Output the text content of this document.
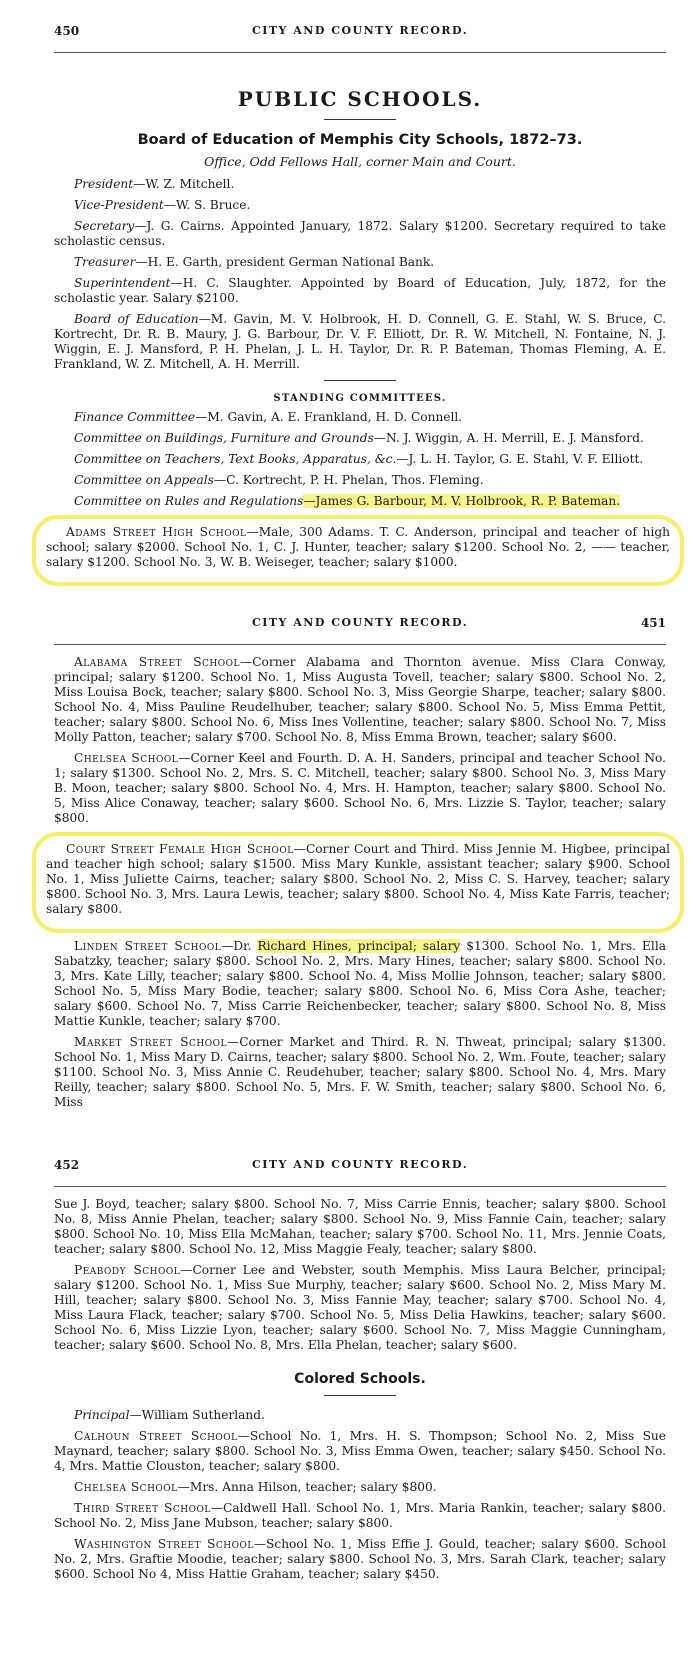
450	CITY AND COUNTY RECORD.
PUBLIC SCHOOLS.
Board of Education of Memphis City Schools, 1872–73.
Office, Odd Fellows Hall, corner Main and Court.

President—W. Z. Mitchell.

Vice-President—W. S. Bruce.

Secretary—J. G. Cairns. Appointed January, 1872. Salary $1200. Secretary required to take scholastic census.

Treasurer—H. E. Garth, president German National Bank.

Superintendent—H. C. Slaughter. Appointed by Board of Education, July, 1872, for the scholastic year. Salary $2100.

Board of Education—M. Gavin, M. V. Holbrook, H. D. Connell, G. E. Stahl, W. S. Bruce, C. Kortrecht, Dr. R. B. Maury, J. G. Barbour, Dr. V. F. Elliott, Dr. R. W. Mitchell, N. Fontaine, N. J. Wiggin, E. J. Mansford, P. H. Phelan, J. L. H. Taylor, Dr. R. P. Bateman, Thomas Fleming, A. E. Frankland, W. Z. Mitchell, A. H. Merrill.

STANDING COMMITTEES.

Finance Committee—M. Gavin, A. E. Frankland, H. D. Connell.

Committee on Buildings, Furniture and Grounds—N. J. Wiggin, A. H. Merrill, E. J. Mansford.

Committee on Teachers, Text Books, Apparatus, &c.—J. L. H. Taylor, G. E. Stahl, V. F. Elliott.

Committee on Appeals—C. Kortrecht, P. H. Phelan, Thos. Fleming.

Committee on Rules and Regulations—James G. Barbour, M. V. Holbrook, R. P. Bateman.

Adams Street High School—Male, 300 Adams. T. C. Anderson, principal and teacher of high school; salary $2000. School No. 1, C. J. Hunter, teacher; salary $1200. School No. 2, —— teacher, salary $1200. School No. 3, W. B. Weiseger, teacher; salary $1000.

CITY AND COUNTY RECORD.	451

Alabama Street School—Corner Alabama and Thornton avenue. Miss Clara Conway, principal; salary $1200. School No. 1, Miss Augusta Tovell, teacher; salary $800. School No. 2, Miss Louisa Bock, teacher; salary $800. School No. 3, Miss Georgie Sharpe, teacher; salary $800. School No. 4, Miss Pauline Reudelhuber, teacher; salary $800. School No. 5, Miss Emma Pettit, teacher; salary $800. School No. 6, Miss Ines Vollentine, teacher; salary $800. School No. 7, Miss Molly Patton, teacher; salary $700. School No. 8, Miss Emma Brown, teacher; salary $600.

Chelsea School—Corner Keel and Fourth. D. A. H. Sanders, principal and teacher School No. 1; salary $1300. School No. 2, Mrs. S. C. Mitchell, teacher; salary $800. School No. 3, Miss Mary B. Moon, teacher; salary $800. School No. 4, Mrs. H. Hampton, teacher; salary $800. School No. 5, Miss Alice Conaway, teacher; salary $600. School No. 6, Mrs. Lizzie S. Taylor, teacher; salary $800.

Court Street Female High School—Corner Court and Third. Miss Jennie M. Higbee, principal and teacher high school; salary $1500. Miss Mary Kunkle, assistant teacher; salary $900. School No. 1, Miss Juliette Cairns, teacher; salary $800. School No. 2, Miss C. S. Harvey, teacher; salary $800. School No. 3, Mrs. Laura Lewis, teacher; salary $800. School No. 4, Miss Kate Farris, teacher; salary $800.

Linden Street School—Dr. Richard Hines, principal; salary $1300. School No. 1, Mrs. Ella Sabatzky, teacher; salary $800. School No. 2, Mrs. Mary Hines, teacher; salary $800. School No. 3, Mrs. Kate Lilly, teacher; salary $800. School No. 4, Miss Mollie Johnson, teacher; salary $800. School No. 5, Miss Mary Bodie, teacher; salary $800. School No. 6, Miss Cora Ashe, teacher; salary $600. School No. 7, Miss Carrie Reichenbecker, teacher; salary $800. School No. 8, Miss Mattie Kunkle, teacher; salary $700.

Market Street School—Corner Market and Third. R. N. Thweat, principal; salary $1300. School No. 1, Miss Mary D. Cairns, teacher; salary $800. School No. 2, Wm. Foute, teacher; salary $1100. School No. 3, Miss Annie C. Reudehuber, teacher; salary $800. School No. 4, Mrs. Mary Reilly, teacher; salary $800. School No. 5, Mrs. F. W. Smith, teacher; salary $800. School No. 6, Miss

452	CITY AND COUNTY RECORD.

Sue J. Boyd, teacher; salary $800. School No. 7, Miss Carrie Ennis, teacher; salary $800. School No. 8, Miss Annie Phelan, teacher; salary $800. School No. 9, Miss Fannie Cain, teacher; salary $800. School No. 10, Miss Ella McMahan, teacher; salary $700. School No. 11, Mrs. Jennie Coats, teacher; salary $800. School No. 12, Miss Maggie Fealy, teacher; salary $800.

Peabody School—Corner Lee and Webster, south Memphis. Miss Laura Belcher, principal; salary $1200. School No. 1, Miss Sue Murphy, teacher; salary $600. School No. 2, Miss Mary M. Hill, teacher; salary $800. School No. 3, Miss Fannie May, teacher; salary $700. School No. 4, Miss Laura Flack, teacher; salary $700. School No. 5, Miss Delia Hawkins, teacher; salary $600. School No. 6, Miss Lizzie Lyon, teacher; salary $600. School No. 7, Miss Maggie Cunningham, teacher; salary $600. School No. 8, Mrs. Ella Phelan, teacher; salary $600.

Colored Schools.

Principal—William Sutherland.

Calhoun Street School—School No. 1, Mrs. H. S. Thompson; School No. 2, Miss Sue Maynard, teacher; salary $800. School No. 3, Miss Emma Owen, teacher; salary $450. School No. 4, Mrs. Mattie Clouston, teacher; salary $800.

Chelsea School—Mrs. Anna Hilson, teacher; salary $800.

Third Street School—Caldwell Hall. School No. 1, Mrs. Maria Rankin, teacher; salary $800. School No. 2, Miss Jane Mubson, teacher; salary $800.

Washington Street School—School No. 1, Miss Effie J. Gould, teacher; salary $600. School No. 2, Mrs. Graftie Moodie, teacher; salary $800. School No. 3, Mrs. Sarah Clark, teacher; salary $600. School No 4, Miss Hattie Graham, teacher; salary $450.
